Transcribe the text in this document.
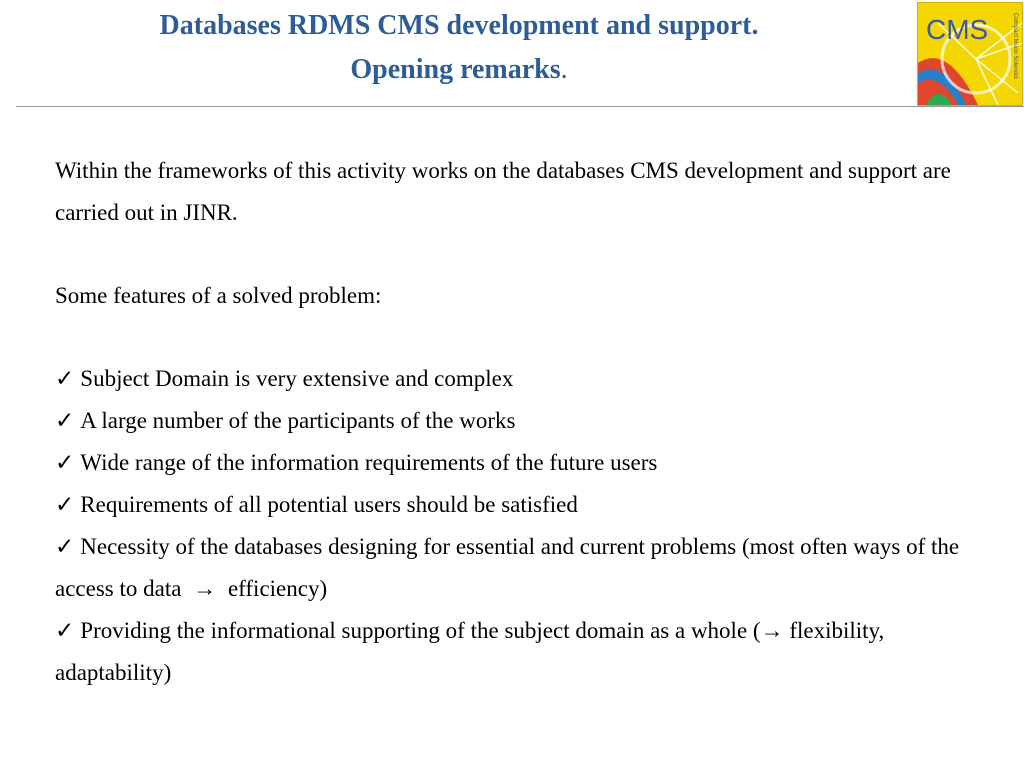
Databases RDMS CMS development and support.
Opening remarks.
CMS	Compact Muon Solenoid

Within the frameworks of this activity works on the databases CMS development and support are carried out in JINR.

Some features of a solved problem:

✓ Subject Domain is very extensive and complex
✓ A large number of the participants of the works
✓ Wide range of the information requirements of the future users
✓ Requirements of all potential users should be satisfied
✓ Necessity of the databases designing for essential and current problems (most often ways of the access to data → efficiency)
✓ Providing the informational supporting of the subject domain as a whole (→ flexibility, adaptability)
